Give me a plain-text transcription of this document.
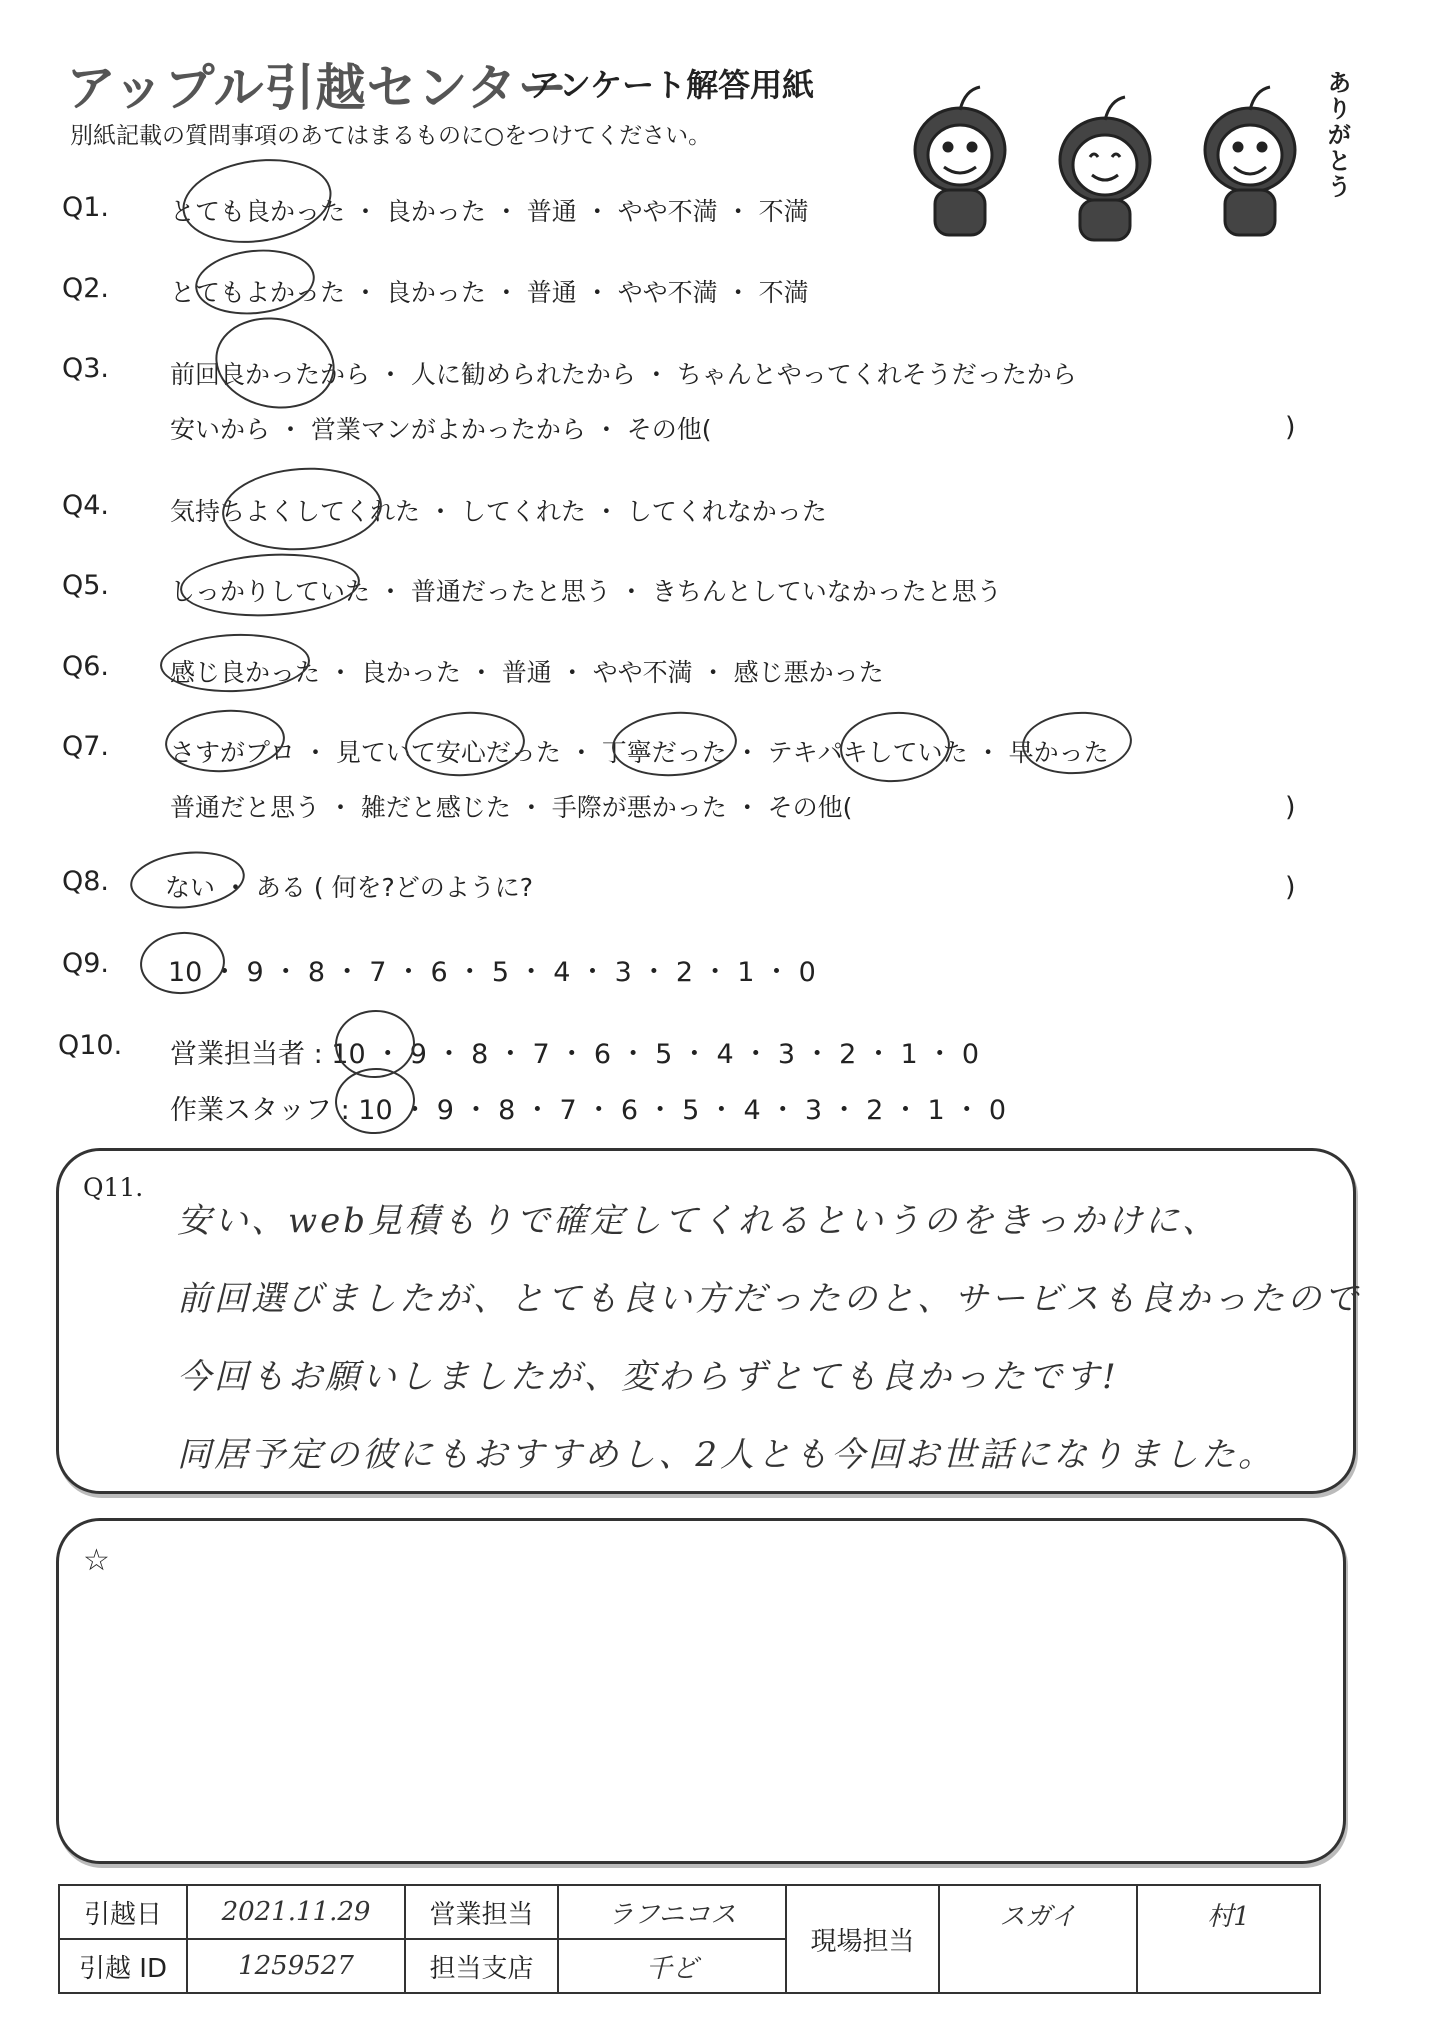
アップル引越センター
アンケート解答用紙
別紙記載の質問事項のあてはまるものに○をつけてください。	ありがとう
Q1. とても良かった ・ 良かった ・ 普通 ・ やや不満 ・ 不満
Q2. とてもよかった ・ 良かった ・ 普通 ・ やや不満 ・ 不満
Q3. 前回良かったから ・ 人に勧められたから ・ ちゃんとやってくれそうだったから
安いから ・ 営業マンがよかったから ・ その他(	)
Q4. 気持ちよくしてくれた ・ してくれた ・ してくれなかった
Q5. しっかりしていた ・ 普通だったと思う ・ きちんとしていなかったと思う
Q6. 感じ良かった ・ 良かった ・ 普通 ・ やや不満 ・ 感じ悪かった
Q7. さすがプロ ・ 見ていて安心だった ・ 丁寧だった ・ テキパキしていた ・ 早かった
普通だと思う ・ 雑だと感じた ・ 手際が悪かった ・ その他(	)
Q8. ない ・ ある ( 何を?どのように?	)
Q9. 10 ・ 9 ・ 8 ・ 7 ・ 6 ・ 5 ・ 4 ・ 3 ・ 2 ・ 1 ・ 0
Q10. 営業担当者 : 10 ・ 9 ・ 8 ・ 7 ・ 6 ・ 5 ・ 4 ・ 3 ・ 2 ・ 1 ・ 0
作業スタッフ : 10 ・ 9 ・ 8 ・ 7 ・ 6 ・ 5 ・ 4 ・ 3 ・ 2 ・ 1 ・ 0
Q11.
安い、web見積もりで確定してくれるというのをきっかけに、
前回選びましたが、とても良い方だったのと、サービスも良かったので
今回もお願いしましたが、変わらずとても良かったです!
同居予定の彼にもおすすめし、2人とも今回お世話になりました。
☆
引越日	2021.11.29	営業担当	ラフニコス	現場担当	スガイ	村1
引越 ID	1259527	担当支店	千ど			
